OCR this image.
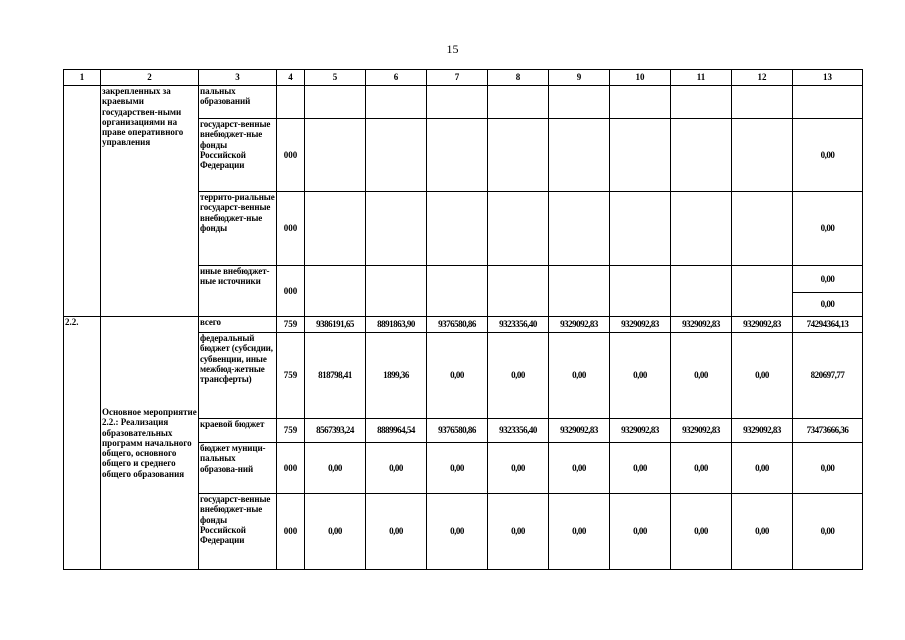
15
1	2	3	4	5	6	7	8	9	10	11	12	13
	закрепленных за краевыми государствен-ными организациями на праве оперативного управления	пальных образований										
		государст-венные внебюджет-ные фонды Российской Федерации	000									0,00
		террито-риальные государст-венные внебюджет-ные фонды	000									0,00
		иные внебюджет-ные источники	000									0,00
												0,00
2.2.	Основное мероприятие 2.2.: Реализация образовательных программ начального общего, основного общего и среднего общего образования	всего	759	9386191,65	8891863,90	9376580,86	9323356,40	9329092,83	9329092,83	9329092,83	9329092,83	74294364,13
		федеральный бюджет (субсидии, субвенции, иные межбюд-жетные трансферты)	759	818798,41	1899,36	0,00	0,00	0,00	0,00	0,00	0,00	820697,77
		краевой бюджет	759	8567393,24	8889964,54	9376580,86	9323356,40	9329092,83	9329092,83	9329092,83	9329092,83	73473666,36
		бюджет муници-пальных образова-ний	000	0,00	0,00	0,00	0,00	0,00	0,00	0,00	0,00	0,00
		государст-венные внебюджет-ные фонды Российской Федерации	000	0,00	0,00	0,00	0,00	0,00	0,00	0,00	0,00	0,00
